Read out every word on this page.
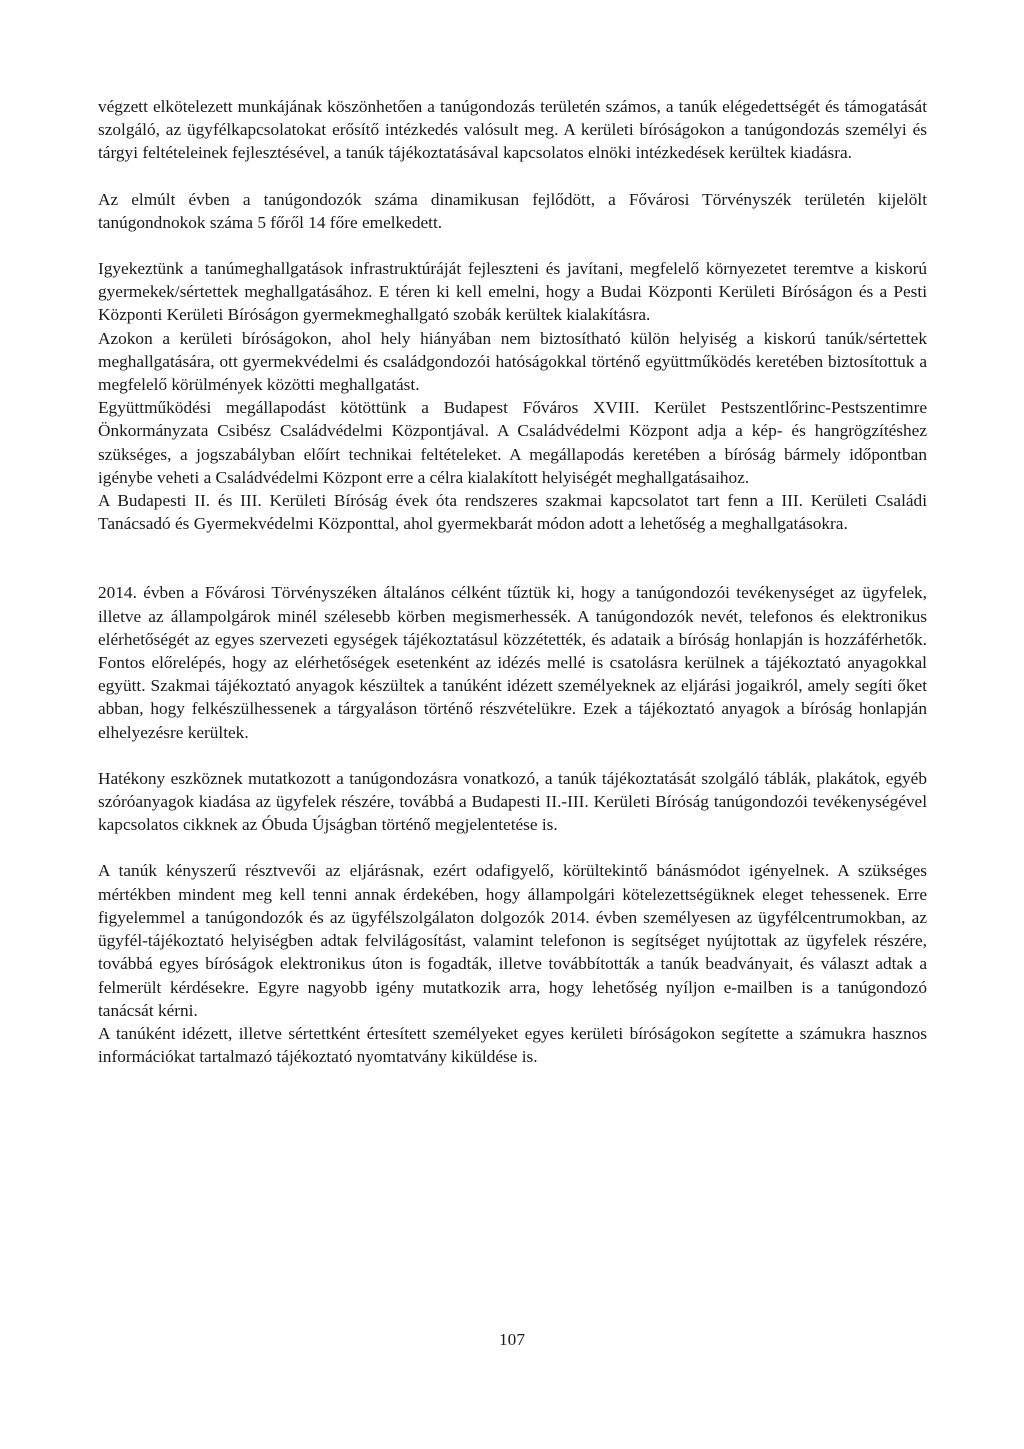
végzett elkötelezett munkájának köszönhetően a tanúgondozás területén számos, a tanúk elégedettségét és támogatását szolgáló, az ügyfélkapcsolatokat erősítő intézkedés valósult meg. A kerületi bíróságokon a tanúgondozás személyi és tárgyi feltételeinek fejlesztésével, a tanúk tájékoztatásával kapcsolatos elnöki intézkedések kerültek kiadásra.

Az elmúlt évben a tanúgondozók száma dinamikusan fejlődött, a Fővárosi Törvényszék területén kijelölt tanúgondnokok száma 5 főről 14 főre emelkedett.

Igyekeztünk a tanúmeghallgatások infrastruktúráját fejleszteni és javítani, megfelelő környezetet teremtve a kiskorú gyermekek/sértettek meghallgatásához. E téren ki kell emelni, hogy a Budai Központi Kerületi Bíróságon és a Pesti Központi Kerületi Bíróságon gyermekmeghallgató szobák kerültek kialakításra.

Azokon a kerületi bíróságokon, ahol hely hiányában nem biztosítható külön helyiség a kiskorú tanúk/sértettek meghallgatására, ott gyermekvédelmi és családgondozói hatóságokkal történő együttműködés keretében biztosítottuk a megfelelő körülmények közötti meghallgatást.

Együttműködési megállapodást kötöttünk a Budapest Főváros XVIII. Kerület Pestszentlőrinc-Pestszentimre Önkormányzata Csibész Családvédelmi Központjával. A Családvédelmi Központ adja a kép- és hangrögzítéshez szükséges, a jogszabályban előírt technikai feltételeket. A megállapodás keretében a bíróság bármely időpontban igénybe veheti a Családvédelmi Központ erre a célra kialakított helyiségét meghallgatásaihoz.

A Budapesti II. és III. Kerületi Bíróság évek óta rendszeres szakmai kapcsolatot tart fenn a III. Kerületi Családi Tanácsadó és Gyermekvédelmi Központtal, ahol gyermekbarát módon adott a lehetőség a meghallgatásokra.

2014. évben a Fővárosi Törvényszéken általános célként tűztük ki, hogy a tanúgondozói tevékenységet az ügyfelek, illetve az állampolgárok minél szélesebb körben megismerhessék. A tanúgondozók nevét, telefonos és elektronikus elérhetőségét az egyes szervezeti egységek tájékoztatásul közzétették, és adataik a bíróság honlapján is hozzáférhetők. Fontos előrelépés, hogy az elérhetőségek esetenként az idézés mellé is csatolásra kerülnek a tájékoztató anyagokkal együtt. Szakmai tájékoztató anyagok készültek a tanúként idézett személyeknek az eljárási jogaikról, amely segíti őket abban, hogy felkészülhessenek a tárgyaláson történő részvételükre. Ezek a tájékoztató anyagok a bíróság honlapján elhelyezésre kerültek.

Hatékony eszköznek mutatkozott a tanúgondozásra vonatkozó, a tanúk tájékoztatását szolgáló táblák, plakátok, egyéb szóróanyagok kiadása az ügyfelek részére, továbbá a Budapesti II.-III. Kerületi Bíróság tanúgondozói tevékenységével kapcsolatos cikknek az Óbuda Újságban történő megjelentetése is.

A tanúk kényszerű résztvevői az eljárásnak, ezért odafigyelő, körültekintő bánásmódot igényelnek. A szükséges mértékben mindent meg kell tenni annak érdekében, hogy állampolgári kötelezettségüknek eleget tehessenek. Erre figyelemmel a tanúgondozók és az ügyfélszolgálaton dolgozók 2014. évben személyesen az ügyfélcentrumokban, az ügyfél-tájékoztató helyiségben adtak felvilágosítást, valamint telefonon is segítséget nyújtottak az ügyfelek részére, továbbá egyes bíróságok elektronikus úton is fogadták, illetve továbbították a tanúk beadványait, és választ adtak a felmerült kérdésekre. Egyre nagyobb igény mutatkozik arra, hogy lehetőség nyíljon e-mailben is a tanúgondozó tanácsát kérni.

A tanúként idézett, illetve sértettként értesített személyeket egyes kerületi bíróságokon segítette a számukra hasznos információkat tartalmazó tájékoztató nyomtatvány kiküldése is.

107
